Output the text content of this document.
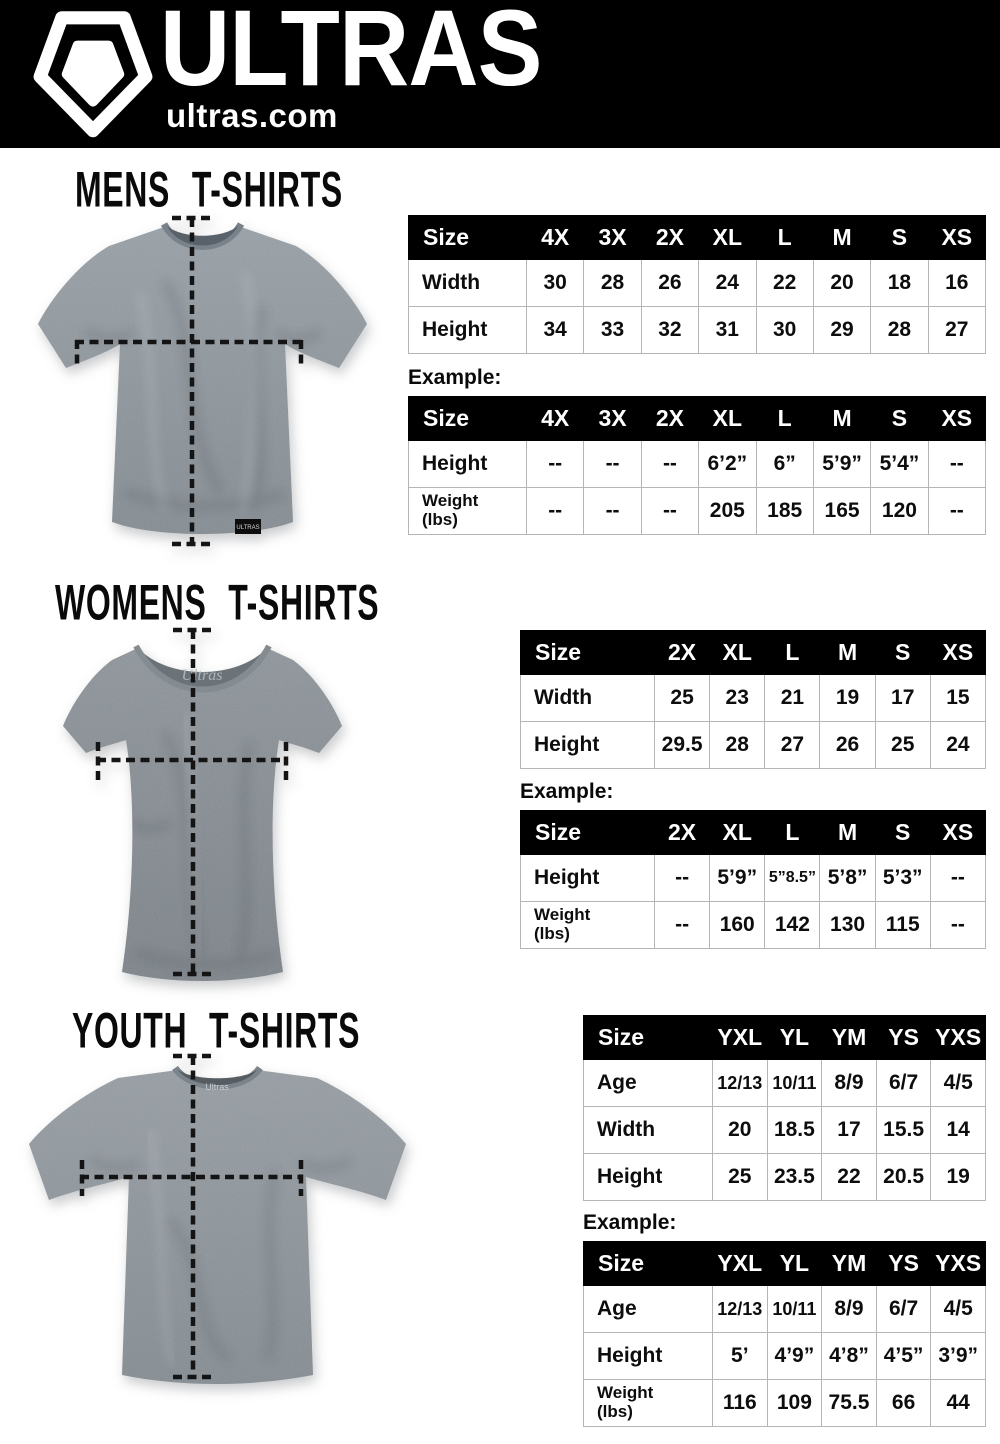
ULTRAS
ultras.com
MENS T-SHIRTS
ULTRAS
Size	4X	3X	2X	XL	L	M	S	XS
Width	30	28	26	24	22	20	18	16
Height	34	33	32	31	30	29	28	27
Example:
Size	4X	3X	2X	XL	L	M	S	XS
Height	--	--	--	6’2”	6”	5’9”	5’4”	--
Weight
(lbs)	--	--	--	205	185	165	120	--
WOMENS T-SHIRTS
Ultras
Size	2X	XL	L	M	S	XS
Width	25	23	21	19	17	15
Height	29.5	28	27	26	25	24
Example:
Size	2X	XL	L	M	S	XS
Height	--	5’9”	5”8.5”	5’8”	5’3”	--
Weight
(lbs)	--	160	142	130	115	--
YOUTH T-SHIRTS
Ultras
Size	YXL	YL	YM	YS	YXS
Age	12/13	10/11	8/9	6/7	4/5
Width	20	18.5	17	15.5	14
Height	25	23.5	22	20.5	19
Example:
Size	YXL	YL	YM	YS	YXS
Age	12/13	10/11	8/9	6/7	4/5
Height	5’	4’9”	4’8”	4’5”	3’9”
Weight
(lbs)	116	109	75.5	66	44
